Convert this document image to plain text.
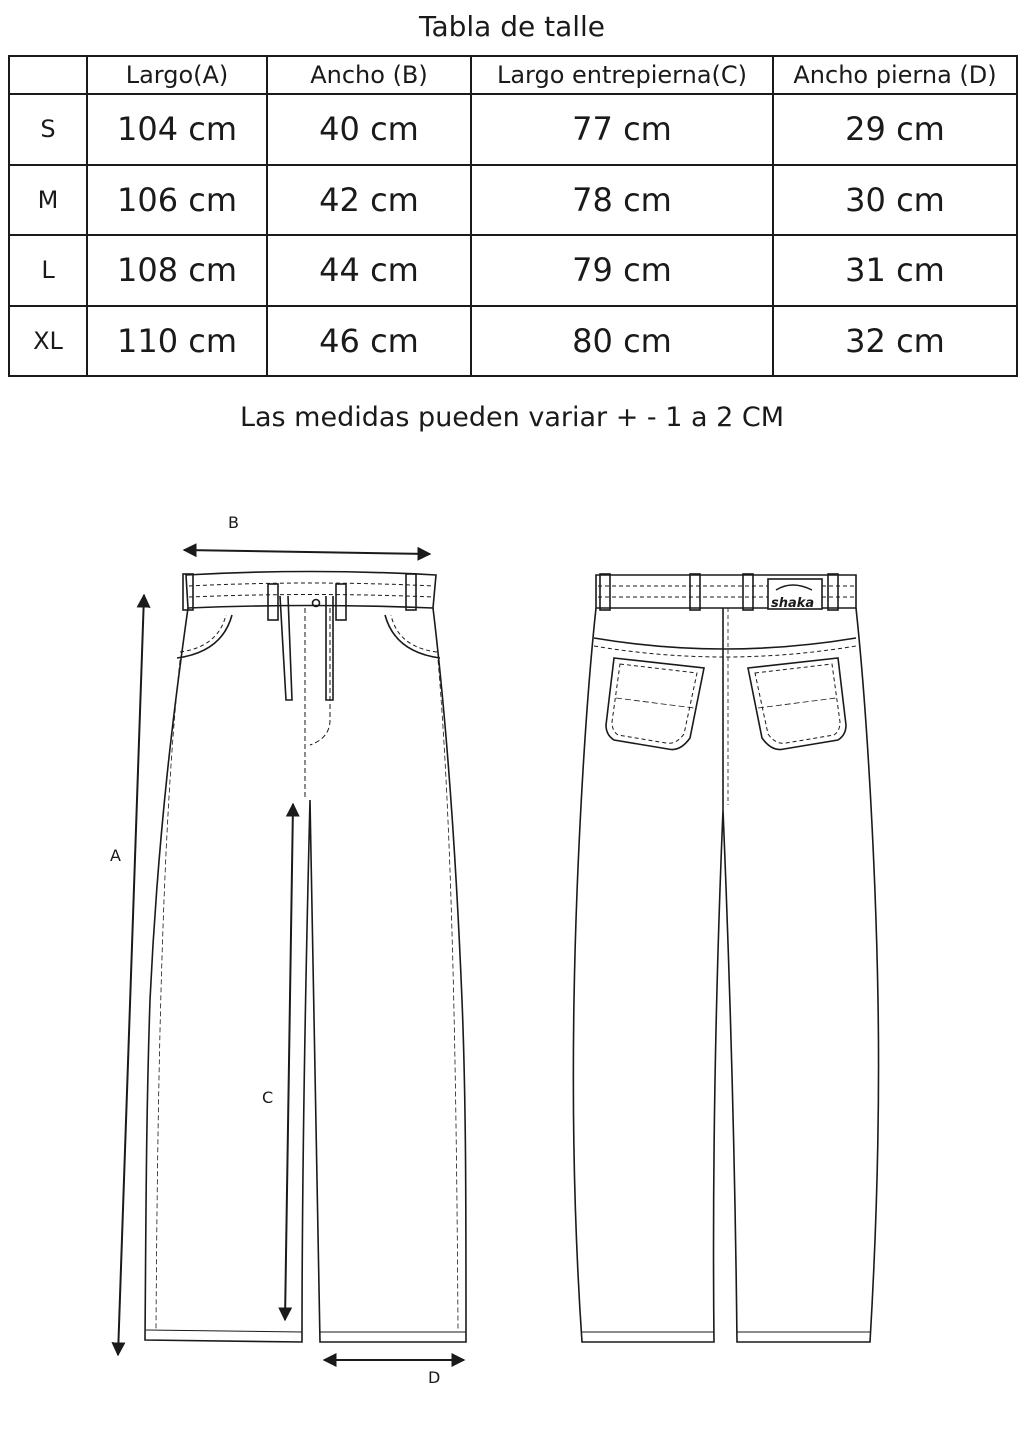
Tabla de talle
	Largo(A)	Ancho (B)	Largo entrepierna(C)	Ancho pierna (D)
S	104 cm	40 cm	77 cm	29 cm
M	106 cm	42 cm	78 cm	30 cm
L	108 cm	44 cm	79 cm	31 cm
XL	110 cm	46 cm	80 cm	32 cm
Las medidas pueden variar + - 1 a 2 CM
B
A
C
D
shaka
